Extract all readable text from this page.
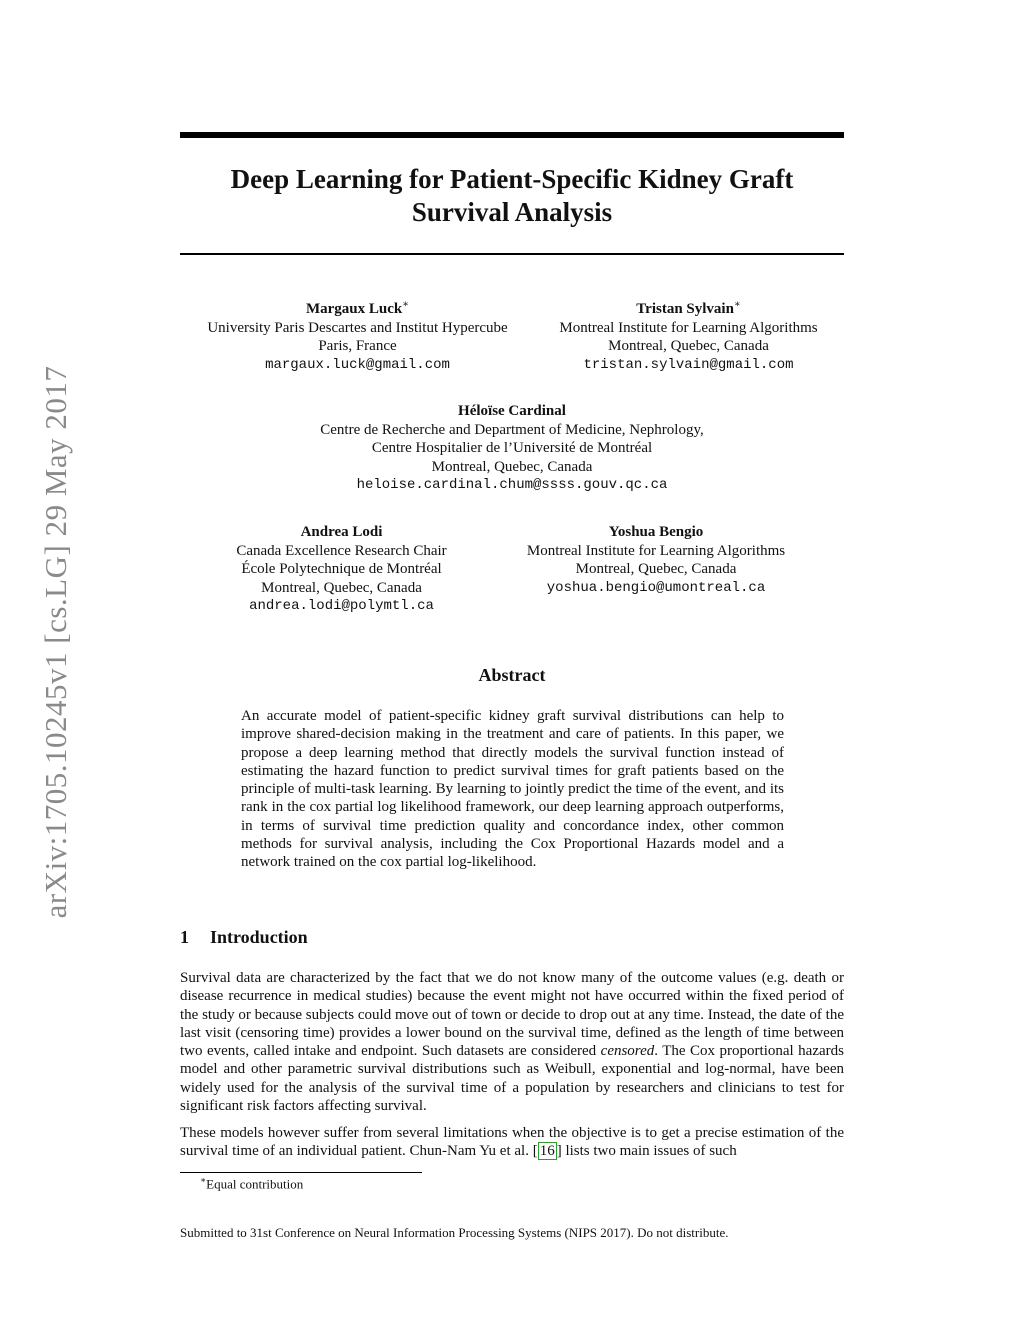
arXiv:1705.10245v1 [cs.LG] 29 May 2017
Deep Learning for Patient-Specific Kidney Graft
Survival Analysis
Margaux Luck∗
University Paris Descartes and Institut Hypercube
Paris, France
margaux.luck@gmail.com
Tristan Sylvain∗
Montreal Institute for Learning Algorithms
Montreal, Quebec, Canada
tristan.sylvain@gmail.com
Héloïse Cardinal
Centre de Recherche and Department of Medicine, Nephrology,
Centre Hospitalier de l’Université de Montréal
Montreal, Quebec, Canada
heloise.cardinal.chum@ssss.gouv.qc.ca
Andrea Lodi
Canada Excellence Research Chair
École Polytechnique de Montréal
Montreal, Quebec, Canada
andrea.lodi@polymtl.ca
Yoshua Bengio
Montreal Institute for Learning Algorithms
Montreal, Quebec, Canada
yoshua.bengio@umontreal.ca
Abstract
An accurate model of patient-specific kidney graft survival distributions can help to improve shared-decision making in the treatment and care of patients. In this paper, we propose a deep learning method that directly models the survival function instead of estimating the hazard function to predict survival times for graft patients based on the principle of multi-task learning. By learning to jointly predict the time of the event, and its rank in the cox partial log likelihood framework, our deep learning approach outperforms, in terms of survival time prediction quality and concordance index, other common methods for survival analysis, including the Cox Proportional Hazards model and a network trained on the cox partial log-likelihood.
1 Introduction
Survival data are characterized by the fact that we do not know many of the outcome values (e.g. death or disease recurrence in medical studies) because the event might not have occurred within the fixed period of the study or because subjects could move out of town or decide to drop out at any time. Instead, the date of the last visit (censoring time) provides a lower bound on the survival time, defined as the length of time between two events, called intake and endpoint. Such datasets are considered censored. The Cox proportional hazards model and other parametric survival distributions such as Weibull, exponential and log-normal, have been widely used for the analysis of the survival time of a population by researchers and clinicians to test for significant risk factors affecting survival.
These models however suffer from several limitations when the objective is to get a precise estimation of the survival time of an individual patient. Chun-Nam Yu et al. [ 16 ] lists two main issues of such
∗Equal contribution
Submitted to 31st Conference on Neural Information Processing Systems (NIPS 2017). Do not distribute.
